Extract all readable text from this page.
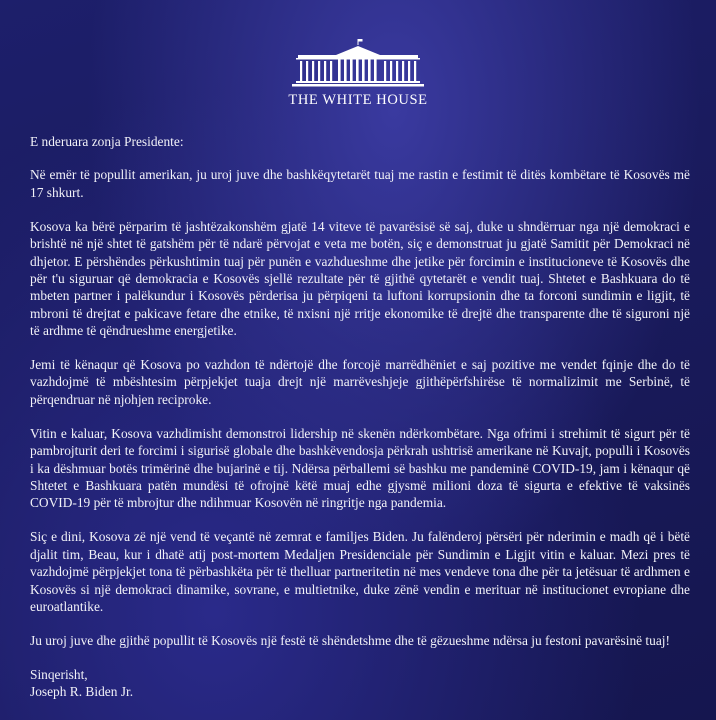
THE WHITE HOUSE

E nderuara zonja Presidente:

Në emër të popullit amerikan, ju uroj juve dhe bashkëqytetarët tuaj me rastin e festimit të ditës kombëtare të Kosovës më 17 shkurt.

Kosova ka bërë përparim të jashtëzakonshëm gjatë 14 viteve të pavarësisë së saj, duke u shndërruar nga një demokraci e brishtë në një shtet të gatshëm për të ndarë përvojat e veta me botën, siç e demonstruat ju gjatë Samitit për Demokraci në dhjetor. E përshëndes përkushtimin tuaj për punën e vazhdueshme dhe jetike për forcimin e institucioneve të Kosovës dhe për t'u siguruar që demokracia e Kosovës sjellë rezultate për të gjithë qytetarët e vendit tuaj. Shtetet e Bashkuara do të mbeten partner i palëkundur i Kosovës përderisa ju përpiqeni ta luftoni korrupsionin dhe ta forconi sundimin e ligjit, të mbroni të drejtat e pakicave fetare dhe etnike, të nxisni një rritje ekonomike të drejtë dhe transparente dhe të siguroni një të ardhme të qëndrueshme energjetike.

Jemi të kënaqur që Kosova po vazhdon të ndërtojë dhe forcojë marrëdhëniet e saj pozitive me vendet fqinje dhe do të vazhdojmë të mbështesim përpjekjet tuaja drejt një marrëveshjeje gjithëpërfshirëse të normalizimit me Serbinë, të përqendruar në njohjen reciproke.

Vitin e kaluar, Kosova vazhdimisht demonstroi lidership në skenën ndërkombëtare. Nga ofrimi i strehimit të sigurt për të pambrojturit deri te forcimi i sigurisë globale dhe bashkëvendosja përkrah ushtrisë amerikane në Kuvajt, populli i Kosovës i ka dëshmuar botës trimërinë dhe bujarinë e tij. Ndërsa përballemi së bashku me pandeminë COVID-19, jam i kënaqur që Shtetet e Bashkuara patën mundësi të ofrojnë këtë muaj edhe gjysmë milioni doza të sigurta e efektive të vaksinës COVID-19 për të mbrojtur dhe ndihmuar Kosovën në ringritje nga pandemia.

Siç e dini, Kosova zë një vend të veçantë në zemrat e familjes Biden. Ju falënderoj përsëri për nderimin e madh që i bëtë djalit tim, Beau, kur i dhatë atij post-mortem Medaljen Presidenciale për Sundimin e Ligjit vitin e kaluar. Mezi pres të vazhdojmë përpjekjet tona të përbashkëta për të thelluar partneritetin në mes vendeve tona dhe për ta jetësuar të ardhmen e Kosovës si një demokraci dinamike, sovrane, e multietnike, duke zënë vendin e merituar në institucionet evropiane dhe euroatlantike.

Ju uroj juve dhe gjithë popullit të Kosovës një festë të shëndetshme dhe të gëzueshme ndërsa ju festoni pavarësinë tuaj!

Sinqerisht,

Joseph R. Biden Jr.
